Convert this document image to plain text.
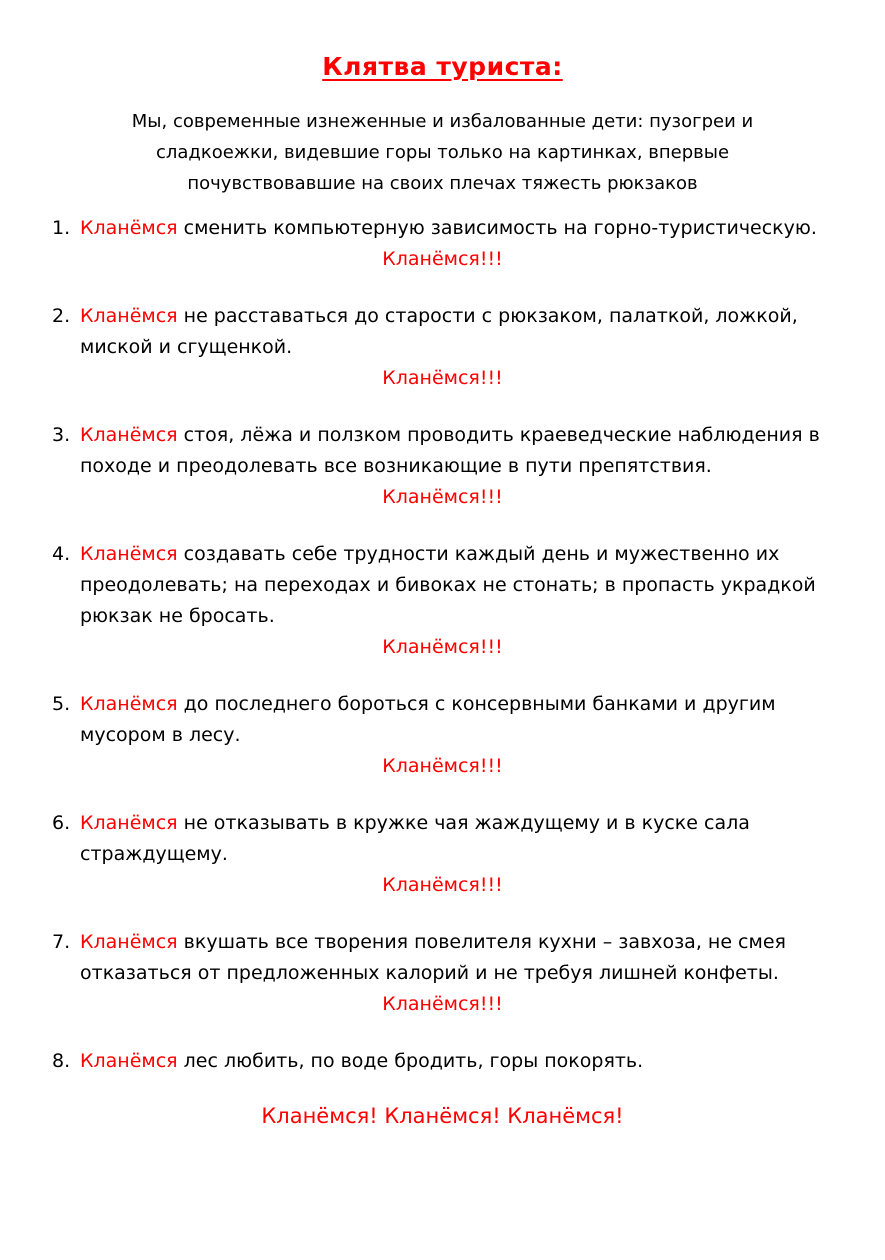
Клятва туриста:

Мы, современные изнеженные и избалованные дети: пузогреи и сладкоежки, видевшие горы только на картинках, впервые почувствовавшие на своих плечах тяжесть рюкзаков

1. Кланёмся сменить компьютерную зависимость на горно-туристическую.

Кланёмся!!!
2. Кланёмся не расставаться до старости с рюкзаком, палаткой, ложкой, миской и сгущенкой.

Кланёмся!!!
3. Кланёмся стоя, лёжа и ползком проводить краеведческие наблюдения в походе и преодолевать все возникающие в пути препятствия.

Кланёмся!!!
4. Кланёмся создавать себе трудности каждый день и мужественно их преодолевать; на переходах и бивоках не стонать; в пропасть украдкой рюкзак не бросать.

Кланёмся!!!
5. Кланёмся до последнего бороться с консервными банками и другим мусором в лесу.

Кланёмся!!!
6. Кланёмся не отказывать в кружке чая жаждущему и в куске сала страждущему.

Кланёмся!!!
7. Кланёмся вкушать все творения повелителя кухни – завхоза, не смея отказаться от предложенных калорий и не требуя лишней конфеты.

Кланёмся!!!
8. Кланёмся лес любить, по воде бродить, горы покорять.

Кланёмся! Кланёмся! Кланёмся!
